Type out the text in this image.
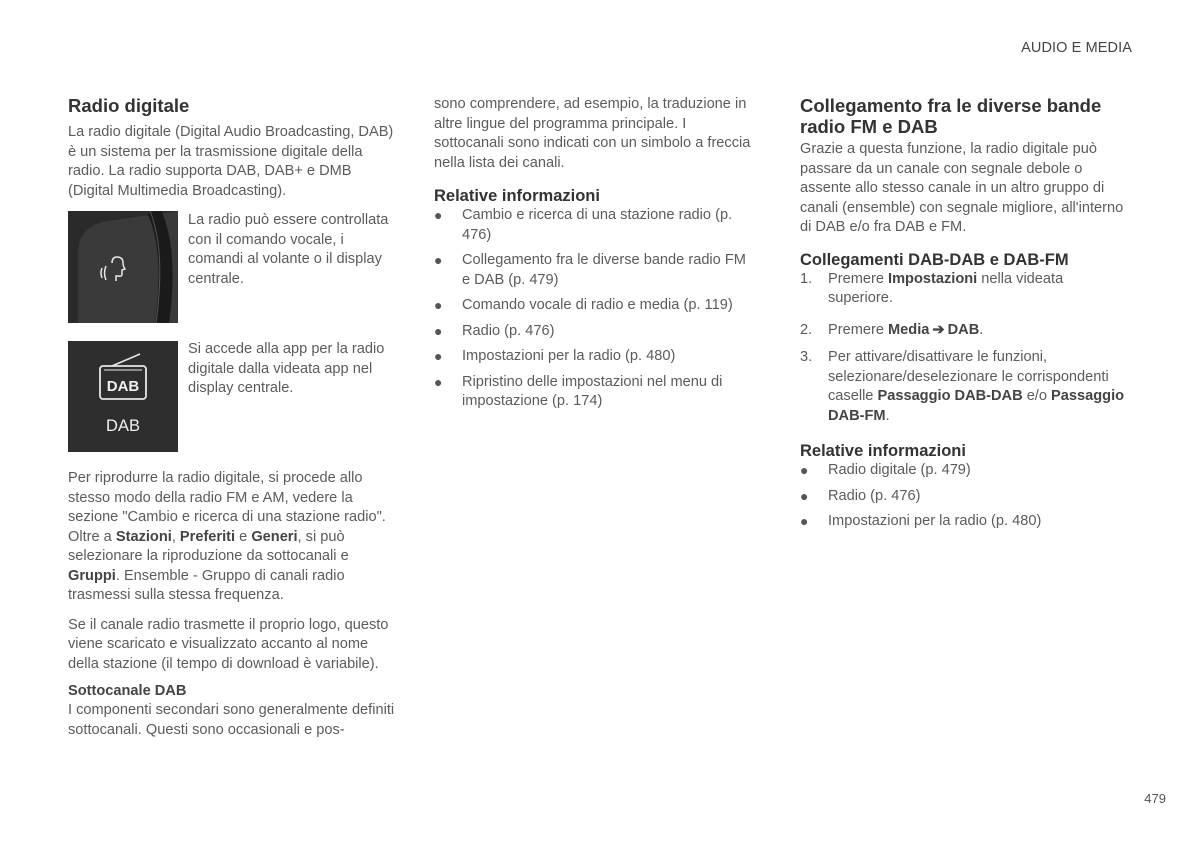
AUDIO E MEDIA
Radio digitale

La radio digitale (Digital Audio Broadcasting, DAB) è un sistema per la trasmissione digitale della radio. La radio supporta DAB, DAB+ e DMB (Digital Multimedia Broadcasting).

La radio può essere controllata con il comando vocale, i comandi al volante o il display centrale.

DAB
DAB

Si accede alla app per la radio digitale dalla videata app nel display centrale.

Per riprodurre la radio digitale, si procede allo stesso modo della radio FM e AM, vedere la sezione "Cambio e ricerca di una stazione radio". Oltre a Stazioni, Preferiti e Generi, si può selezionare la riproduzione da sottocanali e Gruppi. Ensemble - Gruppo di canali radio trasmessi sulla stessa frequenza.

Se il canale radio trasmette il proprio logo, questo viene scaricato e visualizzato accanto al nome della stazione (il tempo di download è variabile).

Sottocanale DAB

I componenti secondari sono generalmente definiti sottocanali. Questi sono occasionali e pos-

sono comprendere, ad esempio, la traduzione in altre lingue del programma principale. I sottocanali sono indicati con un simbolo a freccia nella lista dei canali.

Relative informazioni
● Cambio e ricerca di una stazione radio (p. 476)
● Collegamento fra le diverse bande radio FM e DAB (p. 479)
● Comando vocale di radio e media (p. 119)
● Radio (p. 476)
● Impostazioni per la radio (p. 480)
● Ripristino delle impostazioni nel menu di impostazione (p. 174)
Collegamento fra le diverse bande radio FM e DAB

Grazie a questa funzione, la radio digitale può passare da un canale con segnale debole o assente allo stesso canale in un altro gruppo di canali (ensemble) con segnale migliore, all'interno di DAB e/o fra DAB e FM.

Collegamenti DAB-DAB e DAB-FM
1. Premere Impostazioni nella videata superiore.
2. Premere Media ➔ DAB.
3. Per attivare/disattivare le funzioni, selezionare/deselezionare le corrispondenti caselle Passaggio DAB-DAB e/o Passaggio DAB-FM.
Relative informazioni
● Radio digitale (p. 479)
● Radio (p. 476)
● Impostazioni per la radio (p. 480)
479
